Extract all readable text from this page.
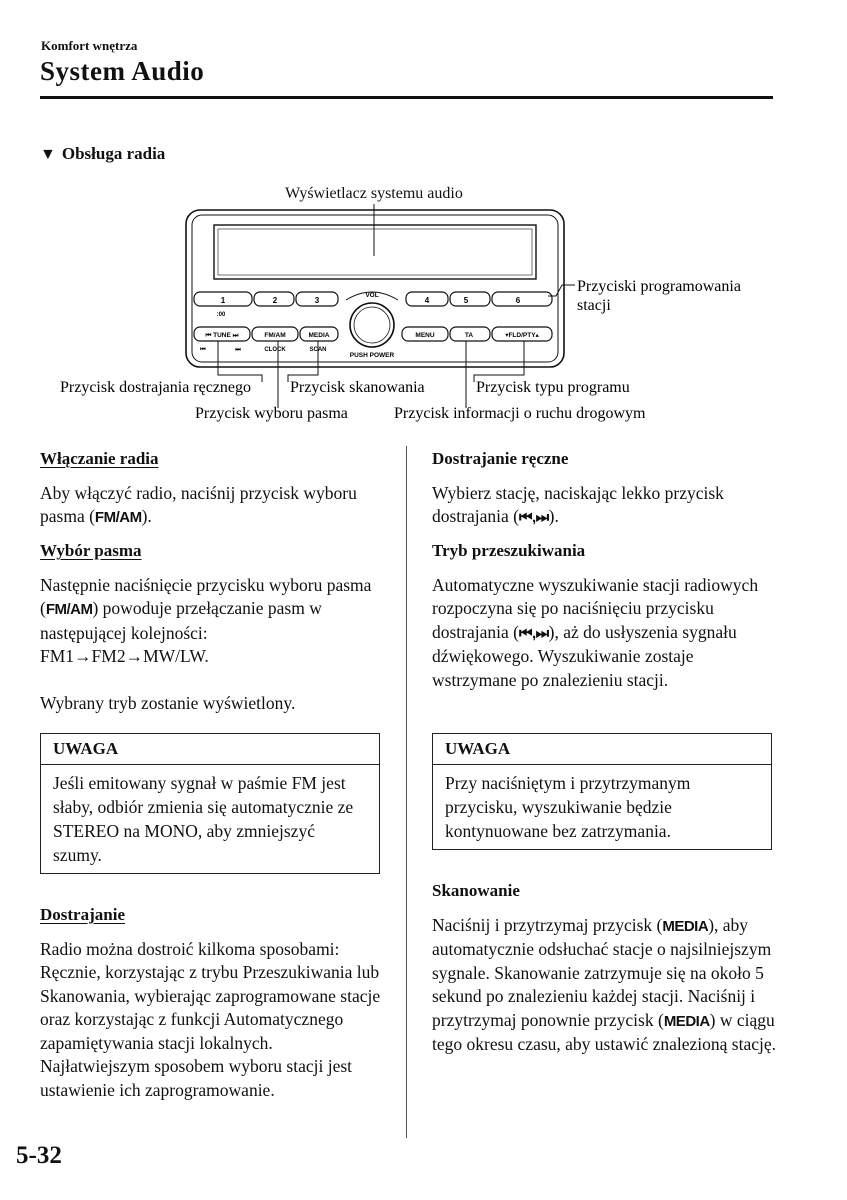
Komfort wnętrza
System Audio
▼ Obsługa radia
Wyświetlacz systemu audio
1	2	3
:00
4	5	6
VOL
PUSH POWER
⏮ TUNE ⏭	FM/AM	MEDIA
⏮	⏭	CLOCK	SCAN
MENU	TA	▾FLD/PTY▴
Przyciski programowania
stacji
Przycisk dostrajania ręcznego Przycisk skanowania	Przycisk typu programu
Przycisk wyboru pasma	Przycisk informacji o ruchu drogowym
Włączanie radia

Aby włączyć radio, naciśnij przycisk wyboru pasma (FM/AM).

Wybór pasma

Następnie naciśnięcie przycisku wyboru pasma (FM/AM) powoduje przełączanie pasm w następującej kolejności:

FM1→FM2→MW/LW.

Wybrany tryb zostanie wyświetlony.

UWAGA
Jeśli emitowany sygnał w paśmie FM jest słaby, odbiór zmienia się automatycznie ze STEREO na MONO, aby zmniejszyć szumy.
Dostrajanie

Radio można dostroić kilkoma sposobami: Ręcznie, korzystając z trybu Przeszukiwania lub Skanowania, wybierając zaprogramowane stacje oraz korzystając z funkcji Automatycznego zapamiętywania stacji lokalnych. Najłatwiejszym sposobem wyboru stacji jest ustawienie ich zaprogramowanie.

Dostrajanie ręczne

Wybierz stację, naciskając lekko przycisk dostrajania (⏮,⏭).

Tryb przeszukiwania

Automatyczne wyszukiwanie stacji radiowych rozpoczyna się po naciśnięciu przycisku dostrajania (⏮,⏭), aż do usłyszenia sygnału dźwiękowego. Wyszukiwanie zostaje wstrzymane po znalezieniu stacji.

UWAGA
Przy naciśniętym i przytrzymanym przycisku, wyszukiwanie będzie kontynuowane bez zatrzymania.
Skanowanie

Naciśnij i przytrzymaj przycisk (MEDIA), aby automatycznie odsłuchać stacje o najsilniejszym sygnale. Skanowanie zatrzymuje się na około 5 sekund po znalezieniu każdej stacji. Naciśnij i przytrzymaj ponownie przycisk (MEDIA) w ciągu tego okresu czasu, aby ustawić znalezioną stację.

5-32
